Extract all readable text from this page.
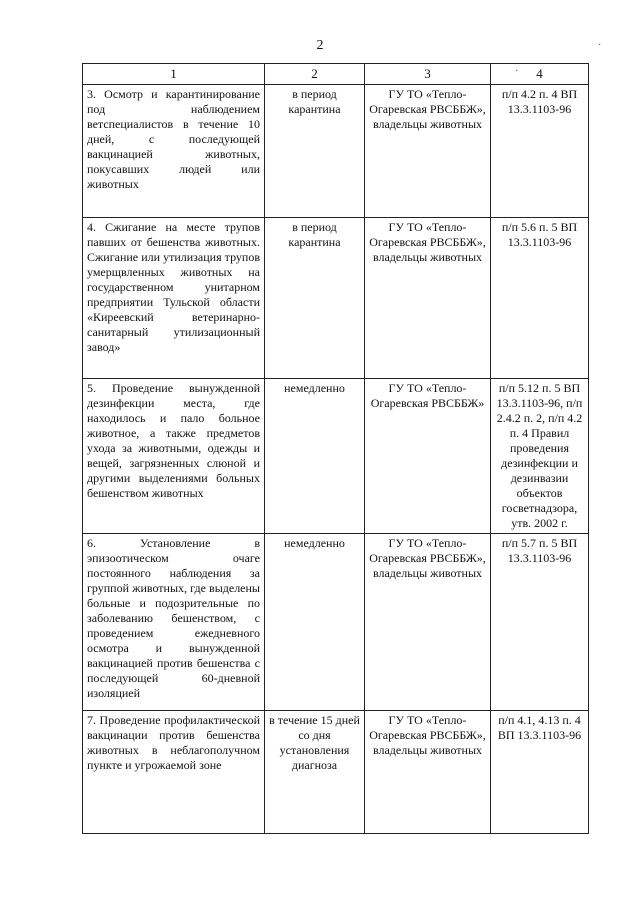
2	·
·
1	2	3	4
3. Осмотр и карантинирование под наблюдением ветспециалистов в течение 10 дней, с последующей вакцинацией животных, покусавших людей или животных	в период карантина	ГУ ТО «Тепло-Огаревская РВСББЖ», владельцы животных	п/п 4.2 п. 4 ВП 13.3.1103-96
4. Сжигание на месте трупов павших от бешенства животных. Сжигание или утилизация трупов умерщвленных животных на государственном унитарном предприятии Тульской области «Киреевский ветеринарно-санитарный утилизационный завод»	в период карантина	ГУ ТО «Тепло-Огаревская РВСББЖ», владельцы животных	п/п 5.6 п. 5 ВП 13.3.1103-96
5. Проведение вынужденной дезинфекции места, где находилось и пало больное животное, а также предметов ухода за животными, одежды и вещей, загрязненных слюной и другими выделениями больных бешенством животных	немедленно	ГУ ТО «Тепло-Огаревская РВСББЖ»	п/п 5.12 п. 5 ВП 13.3.1103-96, п/п 2.4.2 п. 2, п/п 4.2 п. 4 Правил проведения дезинфекции и дезинвазии объектов госветнадзора, утв. 2002 г.
6. Установление в эпизоотическом очаге постоянного наблюдения за группой животных, где выделены больные и подозрительные по заболеванию бешенством, с проведением ежедневного осмотра и вынужденной вакцинацией против бешенства с последующей 60-дневной изоляцией	немедленно	ГУ ТО «Тепло-Огаревская РВСББЖ», владельцы животных	п/п 5.7 п. 5 ВП 13.3.1103-96
7. Проведение профилактической вакцинации против бешенства животных в неблагополучном пункте и угрожаемой зоне	в течение 15 дней со дня установления диагноза	ГУ ТО «Тепло-Огаревская РВСББЖ», владельцы животных	п/п 4.1, 4.13 п. 4 ВП 13.3.1103-96
